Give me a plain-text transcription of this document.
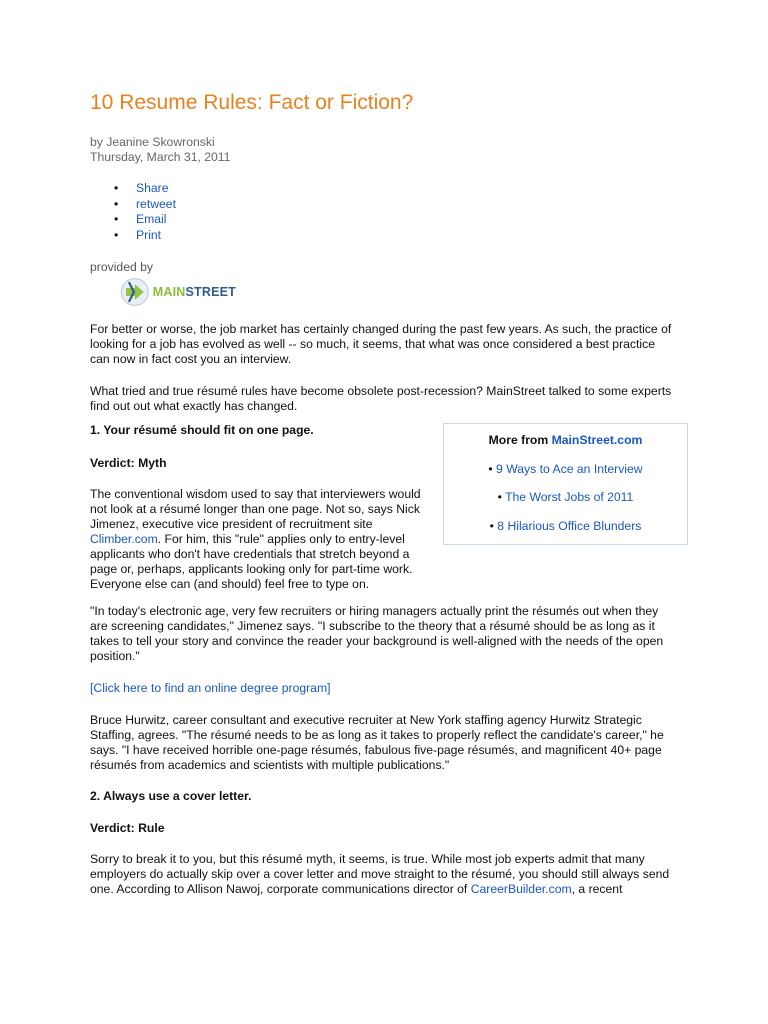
10 Resume Rules: Fact or Fiction?
by Jeanine Skowronski
Thursday, March 31, 2011
• Share
• retweet
• Email
• Print
provided by
MAINSTREET

For better or worse, the job market has certainly changed during the past few years. As such, the practice of looking for a job has evolved as well -- so much, it seems, that what was once considered a best practice can now in fact cost you an interview.

What tried and true résumé rules have become obsolete post-recession? MainStreet talked to some experts find out out what exactly has changed.

1. Your résumé should fit on one page.

Verdict: Myth

The conventional wisdom used to say that interviewers would not look at a résumé longer than one page. Not so, says Nick Jimenez, executive vice president of recruitment site Climber.com. For him, this "rule" applies only to entry-level applicants who don't have credentials that stretch beyond a page or, perhaps, applicants looking only for part-time work. Everyone else can (and should) feel free to type on.

"In today's electronic age, very few recruiters or hiring managers actually print the résumés out when they are screening candidates," Jimenez says. "I subscribe to the theory that a résumé should be as long as it takes to tell your story and convince the reader your background is well-aligned with the needs of the open position."

[Click here to find an online degree program]

Bruce Hurwitz, career consultant and executive recruiter at New York staffing agency Hurwitz Strategic Staffing, agrees. "The résumé needs to be as long as it takes to properly reflect the candidate's career," he says. "I have received horrible one-page résumés, fabulous five-page résumés, and magnificent 40+ page résumés from academics and scientists with multiple publications."

2. Always use a cover letter.

Verdict: Rule

Sorry to break it to you, but this résumé myth, it seems, is true. While most job experts admit that many employers do actually skip over a cover letter and move straight to the résumé, you should still always send one. According to Allison Nawoj, corporate communications director of CareerBuilder.com, a recent

More from MainStreet.com
• 9 Ways to Ace an Interview
• The Worst Jobs of 2011
• 8 Hilarious Office Blunders
